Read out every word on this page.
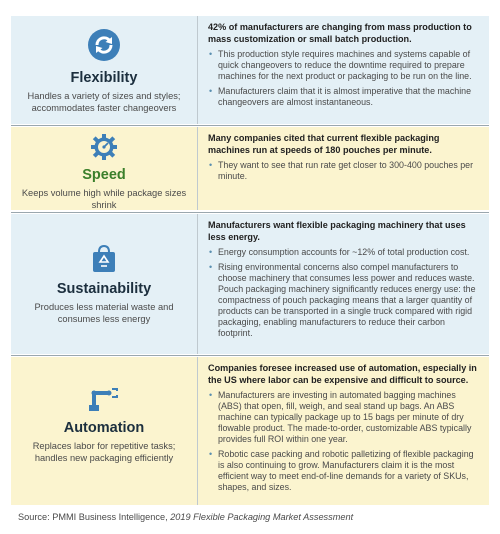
Flexibility
Handles a variety of sizes and styles; accommodates faster changeovers
42% of manufacturers are changing from mass production to mass customization or small batch production.
• This production style requires machines and systems capable of quick changeovers to reduce the downtime required to prepare machines for the next product or packaging to be run on the line.
• Manufacturers claim that it is almost imperative that the machine changeovers are almost instantaneous.
Speed
Keeps volume high while package sizes shrink
Many companies cited that current flexible packaging machines run at speeds of 180 pouches per minute.
• They want to see that run rate get closer to 300-400 pouches per minute.
Sustainability
Produces less material waste and consumes less energy
Manufacturers want flexible packaging machinery that uses less energy.
• Energy consumption accounts for ~12% of total production cost.
• Rising environmental concerns also compel manufacturers to choose machinery that consumes less power and reduces waste. Pouch packaging machinery significantly reduces energy use: the compactness of pouch packaging means that a larger quantity of products can be transported in a single truck compared with rigid packaging, enabling manufacturers to reduce their carbon footprint.
Automation
Replaces labor for repetitive tasks; handles new packaging efficiently
Companies foresee increased use of automation, especially in the US where labor can be expensive and difficult to source.
• Manufacturers are investing in automated bagging machines (ABS) that open, fill, weigh, and seal stand up bags. An ABS machine can typically package up to 15 bags per minute of dry flowable product. The made-to-order, customizable ABS typically provides full ROI within one year.
• Robotic case packing and robotic palletizing of flexible packaging is also continuing to grow. Manufacturers claim it is the most efficient way to meet end-of-line demands for a variety of SKUs, shapes, and sizes.
Source: PMMI Business Intelligence, 2019 Flexible Packaging Market Assessment
